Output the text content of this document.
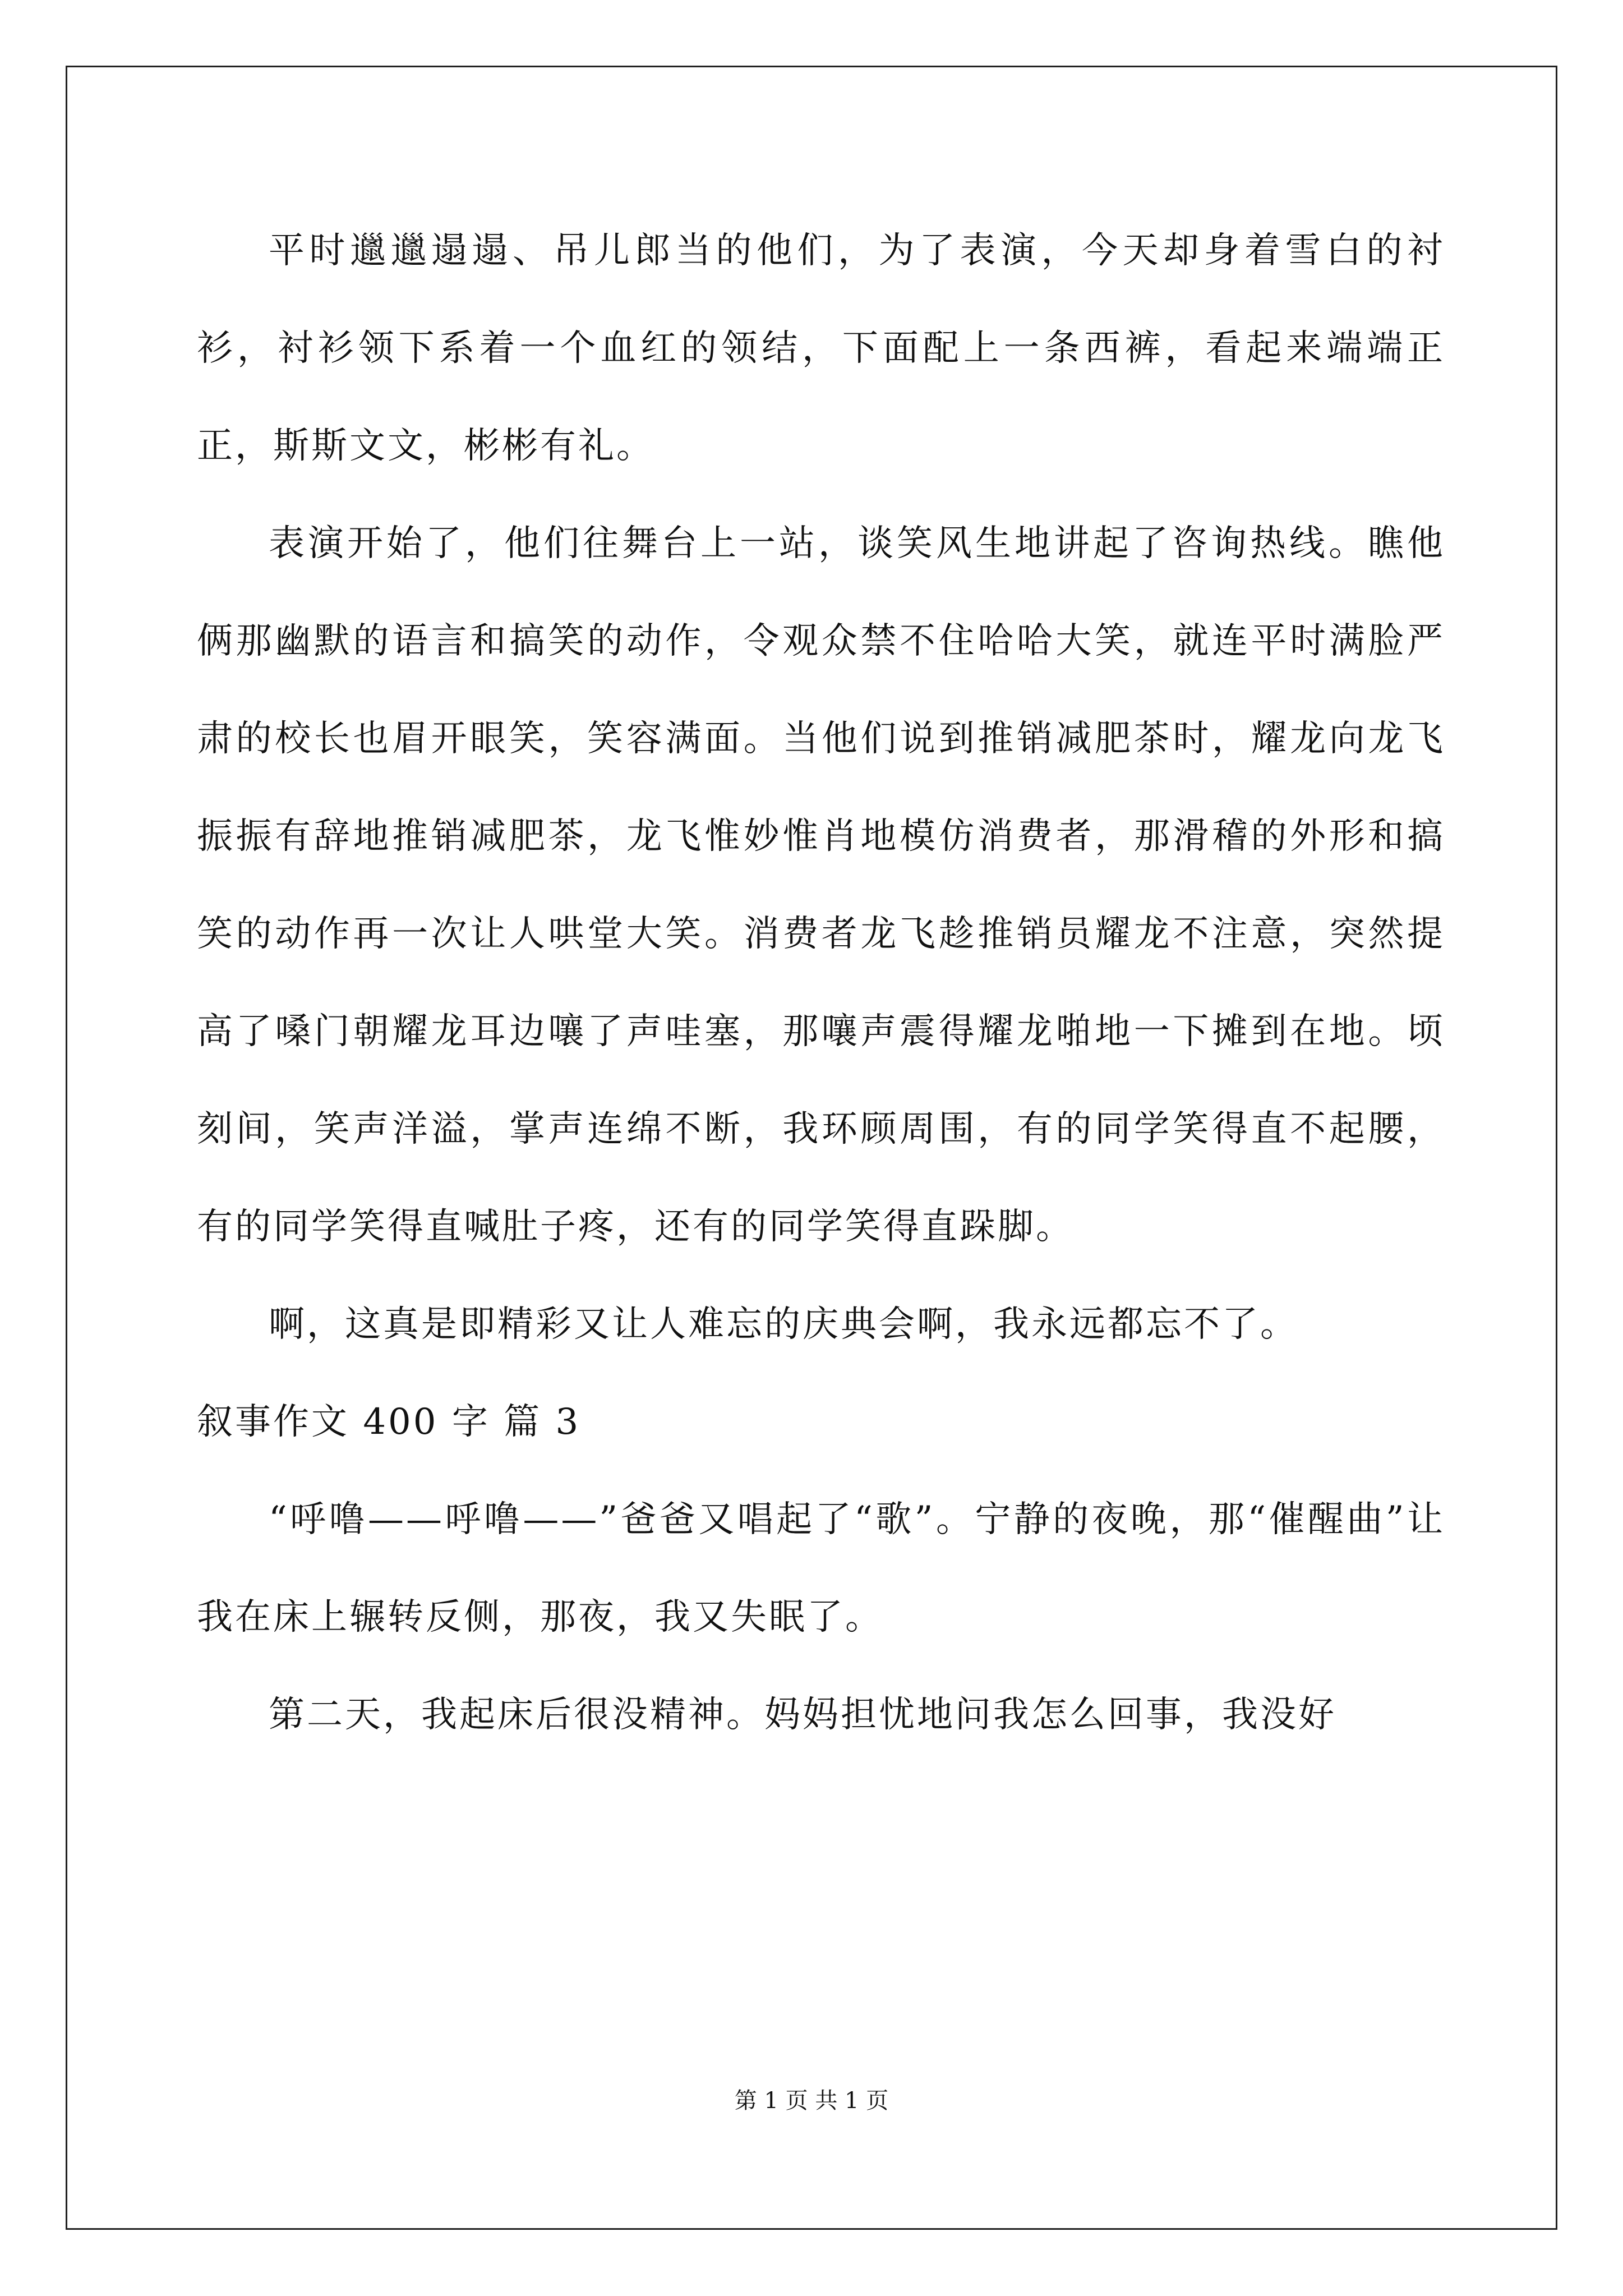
平时邋邋遢遢、吊儿郎当的他们，为了表演，今天却身着雪白的衬衫，衬衫领下系着一个血红的领结，下面配上一条西裤，看起来端端正正，斯斯文文，彬彬有礼。

表演开始了，他们往舞台上一站，谈笑风生地讲起了咨询热线。瞧他俩那幽默的语言和搞笑的动作，令观众禁不住哈哈大笑，就连平时满脸严肃的校长也眉开眼笑，笑容满面。当他们说到推销减肥茶时，耀龙向龙飞振振有辞地推销减肥茶，龙飞惟妙惟肖地模仿消费者，那滑稽的外形和搞笑的动作再一次让人哄堂大笑。消费者龙飞趁推销员耀龙不注意，突然提高了嗓门朝耀龙耳边嚷了声哇塞，那嚷声震得耀龙啪地一下摊到在地。顷刻间，笑声洋溢，掌声连绵不断，我环顾周围，有的同学笑得直不起腰，有的同学笑得直喊肚子疼，还有的同学笑得直跺脚。

啊，这真是即精彩又让人难忘的庆典会啊，我永远都忘不了。

叙事作文 400 字 篇 3

“呼噜——呼噜——”爸爸又唱起了“歌”。宁静的夜晚，那“催醒曲”让我在床上辗转反侧，那夜，我又失眠了。

第二天，我起床后很没精神。妈妈担忧地问我怎么回事，我没好

第 1 页 共 1 页
